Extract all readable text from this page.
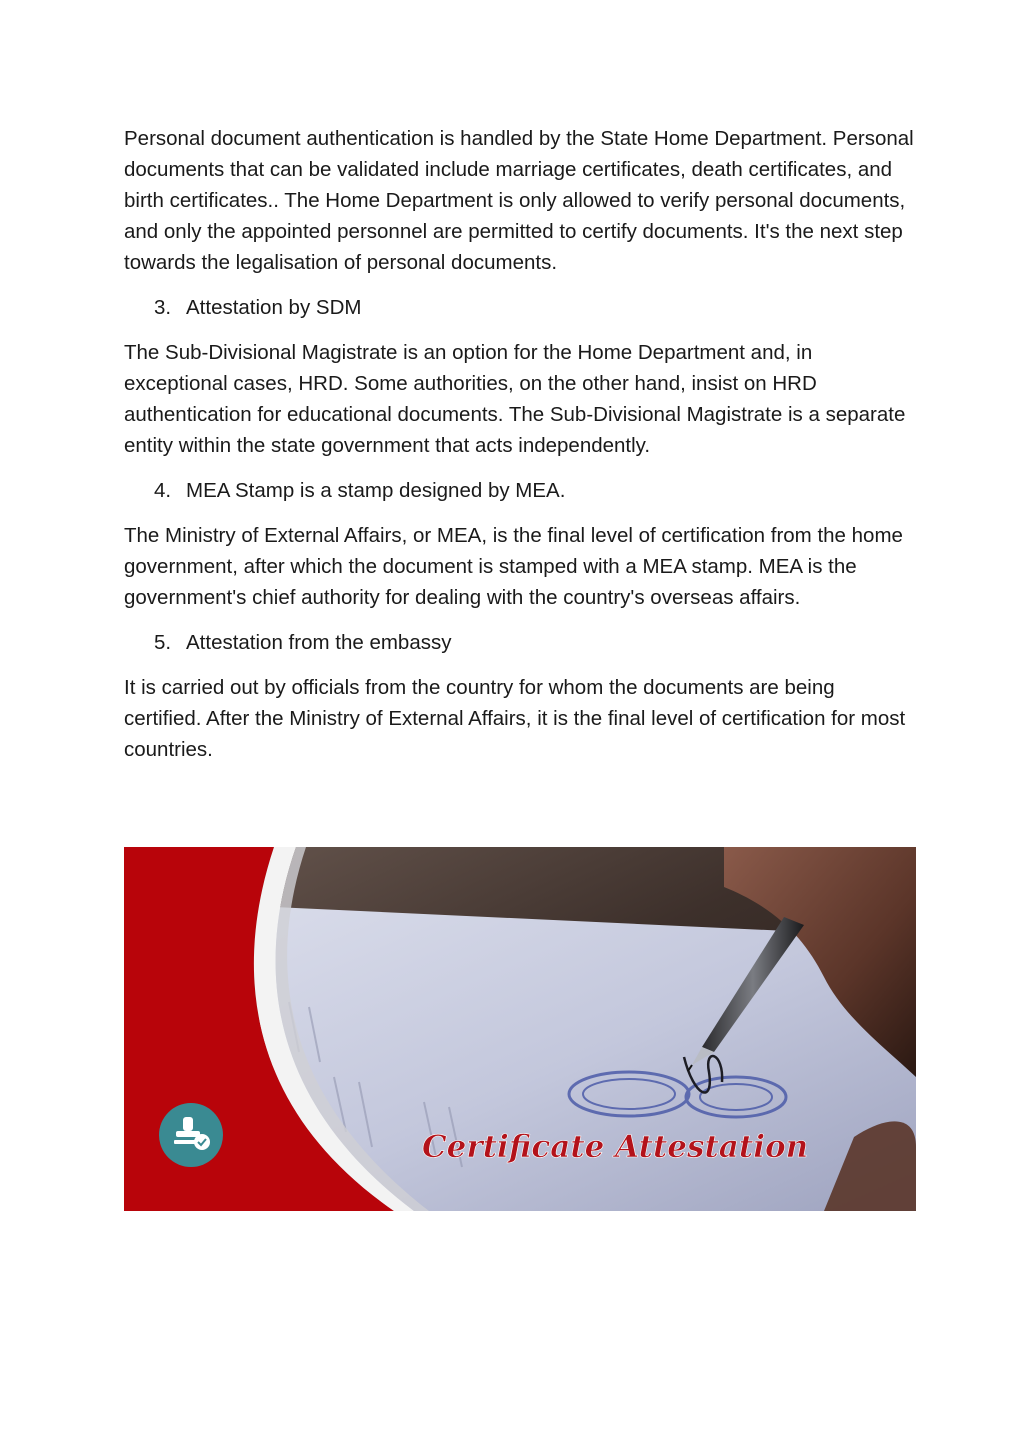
Personal document authentication is handled by the State Home Department. Personal documents that can be validated include marriage certificates, death certificates, and birth certificates.. The Home Department is only allowed to verify personal documents, and only the appointed personnel are permitted to certify documents. It's the next step towards the legalisation of personal documents.

3. Attestation by SDM

The Sub-Divisional Magistrate is an option for the Home Department and, in exceptional cases, HRD. Some authorities, on the other hand, insist on HRD authentication for educational documents. The Sub-Divisional Magistrate is a separate entity within the state government that acts independently.

4. MEA Stamp is a stamp designed by MEA.

The Ministry of External Affairs, or MEA, is the final level of certification from the home government, after which the document is stamped with a MEA stamp. MEA is the government's chief authority for dealing with the country's overseas affairs.

5. Attestation from the embassy

It is carried out by officials from the country for whom the documents are being certified. After the Ministry of External Affairs, it is the final level of certification for most countries.

Certificate Attestation
